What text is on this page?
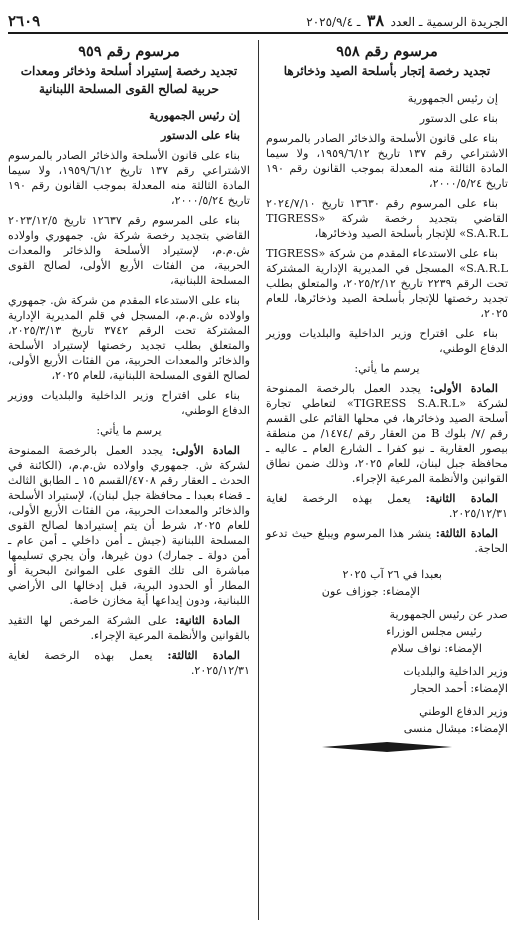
الجريدة الرسمية ـ العدد ٣٨ ـ ٢٠٢٥/٩/٤
٢٦٠٩
مرسوم رقم ٩٥٨
تجديد رخصة إتجار بأسلحة الصيد وذخائرها

إن رئيس الجمهورية

بناء على الدستور

بناء على قانون الأسلحة والذخائر الصادر بالمرسوم الاشتراعي رقم ١٣٧ تاريخ ١٩٥٩/٦/١٢، ولا سيما المادة الثالثة منه المعدلة بموجب القانون رقم ١٩٠ تاريخ ٢٠٠٠/٥/٢٤،

بناء على المرسوم رقم ١٣٦٣٠ تاريخ ٢٠٢٤/٧/١٠ القاضي بتجديد رخصة شركة «TIGRESS S.A.R.L» للإتجار بأسلحة الصيد وذخائرها،

بناء على الاستدعاء المقدم من شركة «TIGRESS S.A.R.L» المسجل في المديرية الإدارية المشتركة تحت الرقم ٢٢٣٩ تاريخ ٢٠٢٥/٢/١٢، والمتعلق بطلب تجديد رخصتها للإتجار بأسلحة الصيد وذخائرها، للعام ٢٠٢٥،

بناء على اقتراح وزير الداخلية والبلديات ووزير الدفاع الوطني،

يرسم ما يأتي:

المادة الأولى: يجدد العمل بالرخصة الممنوحة لشركة «TIGRESS S.A.R.L» لتعاطي تجارة أسلحة الصيد وذخائرها، في محلها القائم على القسم رقم /٧/ بلوك B من العقار رقم /١٤٧٤/ من منطقة بيصور العقارية ـ نيو كفرا ـ الشارع العام ـ عاليه ـ محافظة جبل لبنان، للعام ٢٠٢٥، وذلك ضمن نطاق القوانين والأنظمة المرعية الإجراء.

المادة الثانية: يعمل بهذه الرخصة لغاية ٢٠٢٥/١٢/٣١.

المادة الثالثة: ينشر هذا المرسوم ويبلغ حيث تدعو الحاجة.

بعبدا في ٢٦ آب ٢٠٢٥

الإمضاء: جوزاف عون

صدر عن رئيس الجمهورية

رئيس مجلس الوزراء

الإمضاء: نواف سلام

وزير الداخلية والبلديات

الإمضاء: أحمد الحجار

وزير الدفاع الوطني

الإمضاء: ميشال منسى

مرسوم رقم ٩٥٩
تجديد رخصة إستيراد أسلحة وذخائر ومعدات حربية لصالح القوى المسلحة اللبنانية

إن رئيس الجمهورية

بناء على الدستور

بناء على قانون الأسلحة والذخائر الصادر بالمرسوم الاشتراعي رقم ١٣٧ تاريخ ١٩٥٩/٦/١٢، ولا سيما المادة الثالثة منه المعدلة بموجب القانون رقم ١٩٠ تاريخ ٢٠٠٠/٥/٢٤،

بناء على المرسوم رقم ١٢٦٣٧ تاريخ ٢٠٢٣/١٢/٥ القاضي بتجديد رخصة شركة ش. جمهوري واولاده ش.م.م، لإستيراد الأسلحة والذخائر والمعدات الحربية، من الفئات الأربع الأولى، لصالح القوى المسلحة اللبنانية،

بناء على الاستدعاء المقدم من شركة ش. جمهوري واولاده ش.م.م، المسجل في قلم المديرية الإدارية المشتركة تحت الرقم ٣٧٤٢ تاريخ ٢٠٢٥/٣/١٣، والمتعلق بطلب تجديد رخصتها لإستيراد الأسلحة والذخائر والمعدات الحربية، من الفئات الأربع الأولى، لصالح القوى المسلحة اللبنانية، للعام ٢٠٢٥،

بناء على اقتراح وزير الداخلية والبلديات ووزير الدفاع الوطني،

يرسم ما يأتي:

المادة الأولى: يجدد العمل بالرخصة الممنوحة لشركة ش. جمهوري واولاده ش.م.م، (الكائنة في الحدث ـ العقار رقم ٤٧٠٨/القسم ١٥ ـ الطابق الثالث ـ قضاء بعبدا ـ محافظة جبل لبنان)، لإستيراد الأسلحة والذخائر والمعدات الحربية، من الفئات الأربع الأولى، للعام ٢٠٢٥، شرط أن يتم إستيرادها لصالح القوى المسلحة اللبنانية (جيش ـ أمن داخلي ـ أمن عام ـ أمن دولة ـ جمارك) دون غيرها، وأن يجري تسليمها مباشرة الى تلك القوى على الموانئ البحرية أو المطار أو الحدود البرية، قبل إدخالها الى الأراضي اللبنانية، ودون إيداعها أية مخازن خاصة.

المادة الثانية: على الشركة المرخص لها التقيد بالقوانين والأنظمة المرعية الإجراء.

المادة الثالثة: يعمل بهذه الرخصة لغاية ٢٠٢٥/١٢/٣١.
